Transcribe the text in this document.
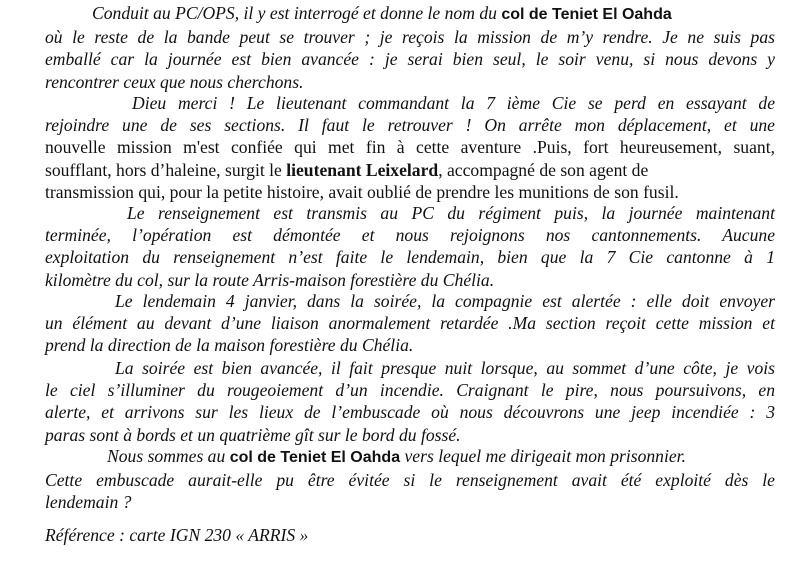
Conduit au PC/OPS, il y est interrogé et donne le nom du col de Teniet El Oahda
où le reste de la bande peut se trouver ; je reçois la mission de m’y rendre. Je ne suis pas
emballé car la journée est bien avancée : je serai bien seul, le soir venu, si nous devons y
rencontrer ceux que nous cherchons.
Dieu merci ! Le lieutenant commandant la 7 ième Cie se perd en essayant de
rejoindre une de ses sections. Il faut le retrouver ! On arrête mon déplacement, et une
nouvelle mission m'est confiée qui met fin à cette aventure .Puis, fort heureusement, suant,
soufflant, hors d’haleine, surgit le lieutenant Leixelard, accompagné de son agent de
transmission qui, pour la petite histoire, avait oublié de prendre les munitions de son fusil.
Le renseignement est transmis au PC du régiment puis, la journée maintenant
terminée, l’opération est démontée et nous rejoignons nos cantonnements. Aucune
exploitation du renseignement n’est faite le lendemain, bien que la 7 Cie cantonne à 1
kilomètre du col, sur la route Arris-maison forestière du Chélia.
Le lendemain 4 janvier, dans la soirée, la compagnie est alertée : elle doit envoyer
un élément au devant d’une liaison anormalement retardée .Ma section reçoit cette mission et
prend la direction de la maison forestière du Chélia.
La soirée est bien avancée, il fait presque nuit lorsque, au sommet d’une côte, je vois
le ciel s’illuminer du rougeoiement d’un incendie. Craignant le pire, nous poursuivons, en
alerte, et arrivons sur les lieux de l’embuscade où nous découvrons une jeep incendiée : 3
paras sont à bords et un quatrième gît sur le bord du fossé.
Nous sommes au col de Teniet El Oahda vers lequel me dirigeait mon prisonnier.
Cette embuscade aurait-elle pu être évitée si le renseignement avait été exploité dès le
lendemain ?
Référence : carte IGN 230 « ARRIS »
